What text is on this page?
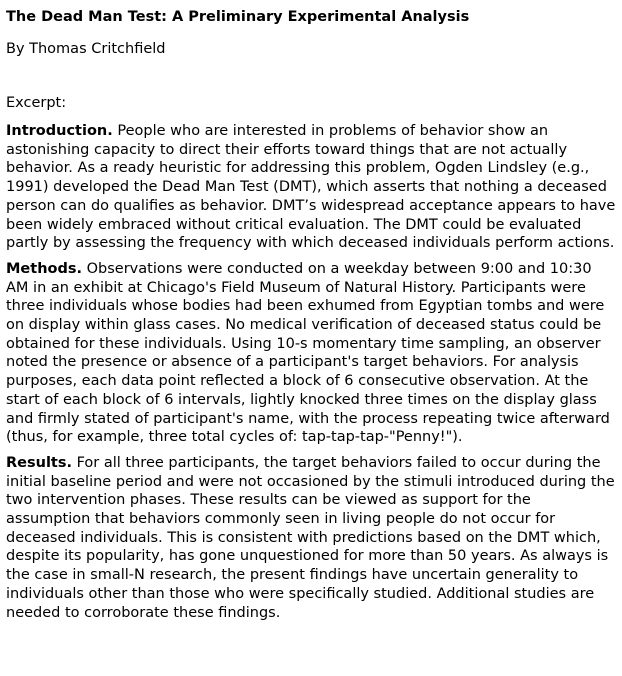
The Dead Man Test: A Preliminary Experimental Analysis
By Thomas Critchfield
Excerpt:

Introduction. People who are interested in problems of behavior show an astonishing capacity to direct their efforts toward things that are not actually behavior. As a ready heuristic for addressing this problem, Ogden Lindsley (e.g., 1991) developed the Dead Man Test (DMT), which asserts that nothing a deceased person can do qualifies as behavior. DMT’s widespread acceptance appears to have been widely embraced without critical evaluation. The DMT could be evaluated partly by assessing the frequency with which deceased individuals perform actions.

Methods. Observations were conducted on a weekday between 9:00 and 10:30 AM in an exhibit at Chicago's Field Museum of Natural History. Participants were three individuals whose bodies had been exhumed from Egyptian tombs and were on display within glass cases. No medical verification of deceased status could be obtained for these individuals. Using 10-s momentary time sampling, an observer noted the presence or absence of a participant's target behaviors. For analysis purposes, each data point reflected a block of 6 consecutive observation. At the start of each block of 6 intervals, lightly knocked three times on the display glass and firmly stated of participant's name, with the process repeating twice afterward (thus, for example, three total cycles of: tap-tap-tap-"Penny!").

Results. For all three participants, the target behaviors failed to occur during the initial baseline period and were not occasioned by the stimuli introduced during the two intervention phases. These results can be viewed as support for the assumption that behaviors commonly seen in living people do not occur for deceased individuals. This is consistent with predictions based on the DMT which, despite its popularity, has gone unquestioned for more than 50 years. As always is the case in small-N research, the present findings have uncertain generality to individuals other than those who were specifically studied. Additional studies are needed to corroborate these findings.
